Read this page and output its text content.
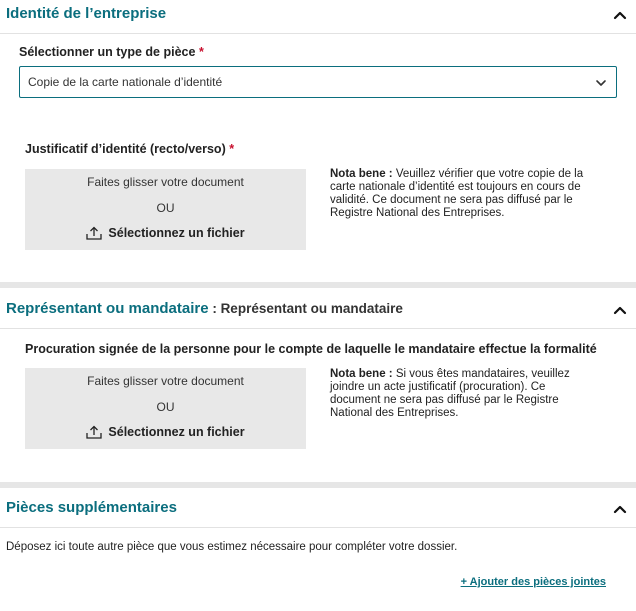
Identité de l’entreprise
Sélectionner un type de pièce *
Copie de la carte nationale d’identité
Justificatif d’identité (recto/verso) *
Faites glisser votre document
OU
Sélectionnez un fichier
Nota bene : Veuillez vérifier que votre copie de la carte nationale d’identité est toujours en cours de validité. Ce document ne sera pas diffusé par le Registre National des Entreprises.
Représentant ou mandataire : Représentant ou mandataire
Procuration signée de la personne pour le compte de laquelle le mandataire effectue la formalité
Faites glisser votre document
OU
Sélectionnez un fichier
Nota bene : Si vous êtes mandataires, veuillez joindre un acte justificatif (procuration). Ce document ne sera pas diffusé par le Registre National des Entreprises.
Pièces supplémentaires
Déposez ici toute autre pièce que vous estimez nécessaire pour compléter votre dossier.
+ Ajouter des pièces jointes
